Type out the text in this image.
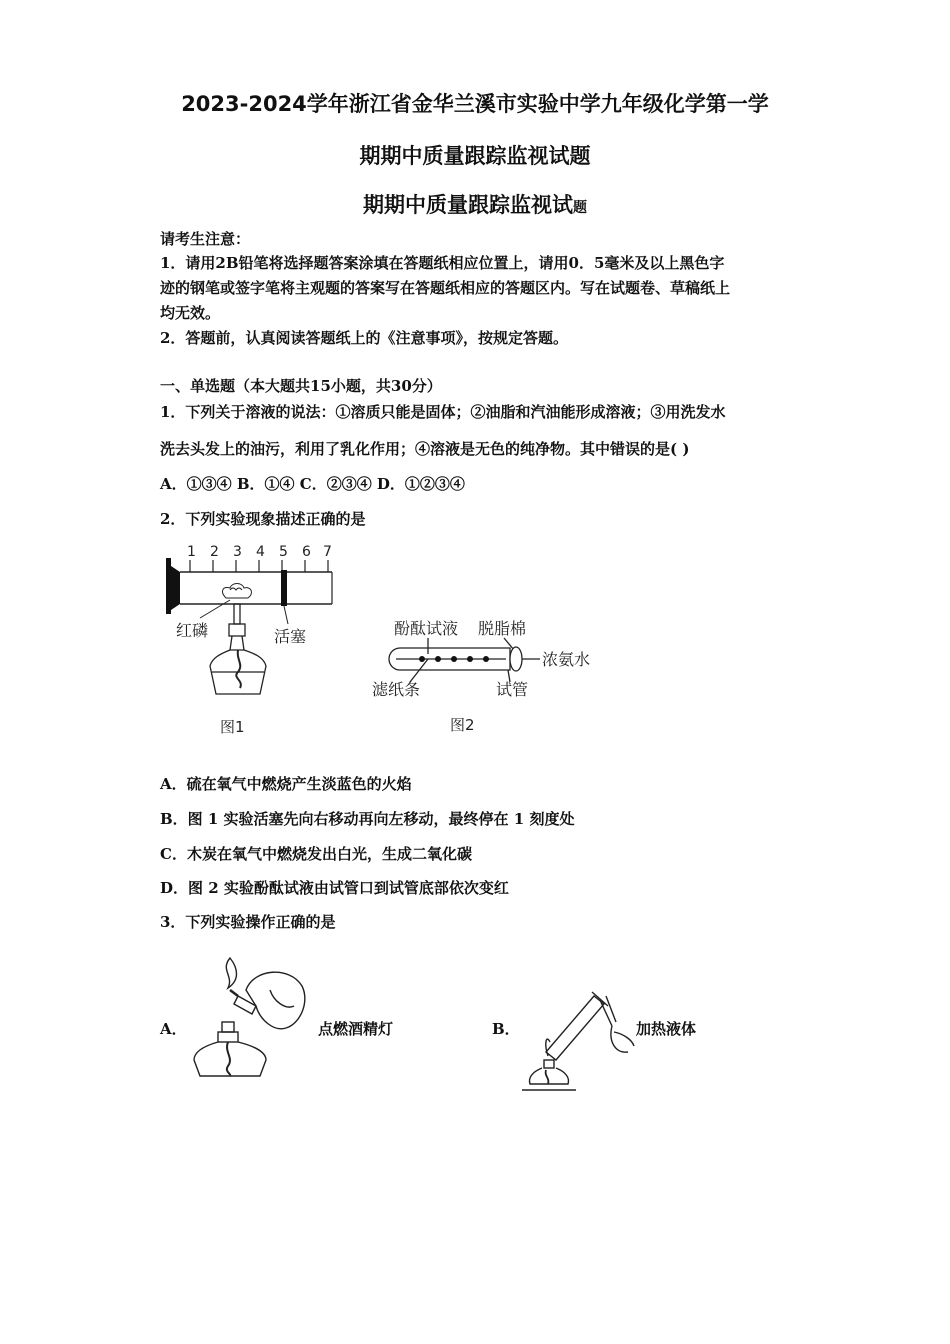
2023-2024学年浙江省金华兰溪市实验中学九年级化学第一学
期期中质量跟踪监视试题
期期中质量跟踪监视试题
请考生注意：
1．请用2B铅笔将选择题答案涂填在答题纸相应位置上，请用0．5毫米及以上黑色字
迹的钢笔或签字笔将主观题的答案写在答题纸相应的答题区内。写在试题卷、草稿纸上
均无效。
2．答题前，认真阅读答题纸上的《注意事项》，按规定答题。
一、单选题（本大题共15小题，共30分）
1．下列关于溶液的说法：①溶质只能是固体；②油脂和汽油能形成溶液；③用洗发水
洗去头发上的油污，利用了乳化作用；④溶液是无色的纯净物。其中错误的是( )
A．①③④ B．①④ C．②③④ D．①②③④
2．下列实验现象描述正确的是
1 2 3 4 5 6 7
红磷	活塞
图1
酚酞试液 脱脂棉
浓氨水
滤纸条	试管
图2
A．硫在氧气中燃烧产生淡蓝色的火焰
B．图 1 实验活塞先向右移动再向左移动，最终停在 1 刻度处
C．木炭在氧气中燃烧发出白光，生成二氧化碳
D．图 2 实验酚酞试液由试管口到试管底部依次变红
3．下列实验操作正确的是
A．	点燃酒精灯	B．	加热液体
